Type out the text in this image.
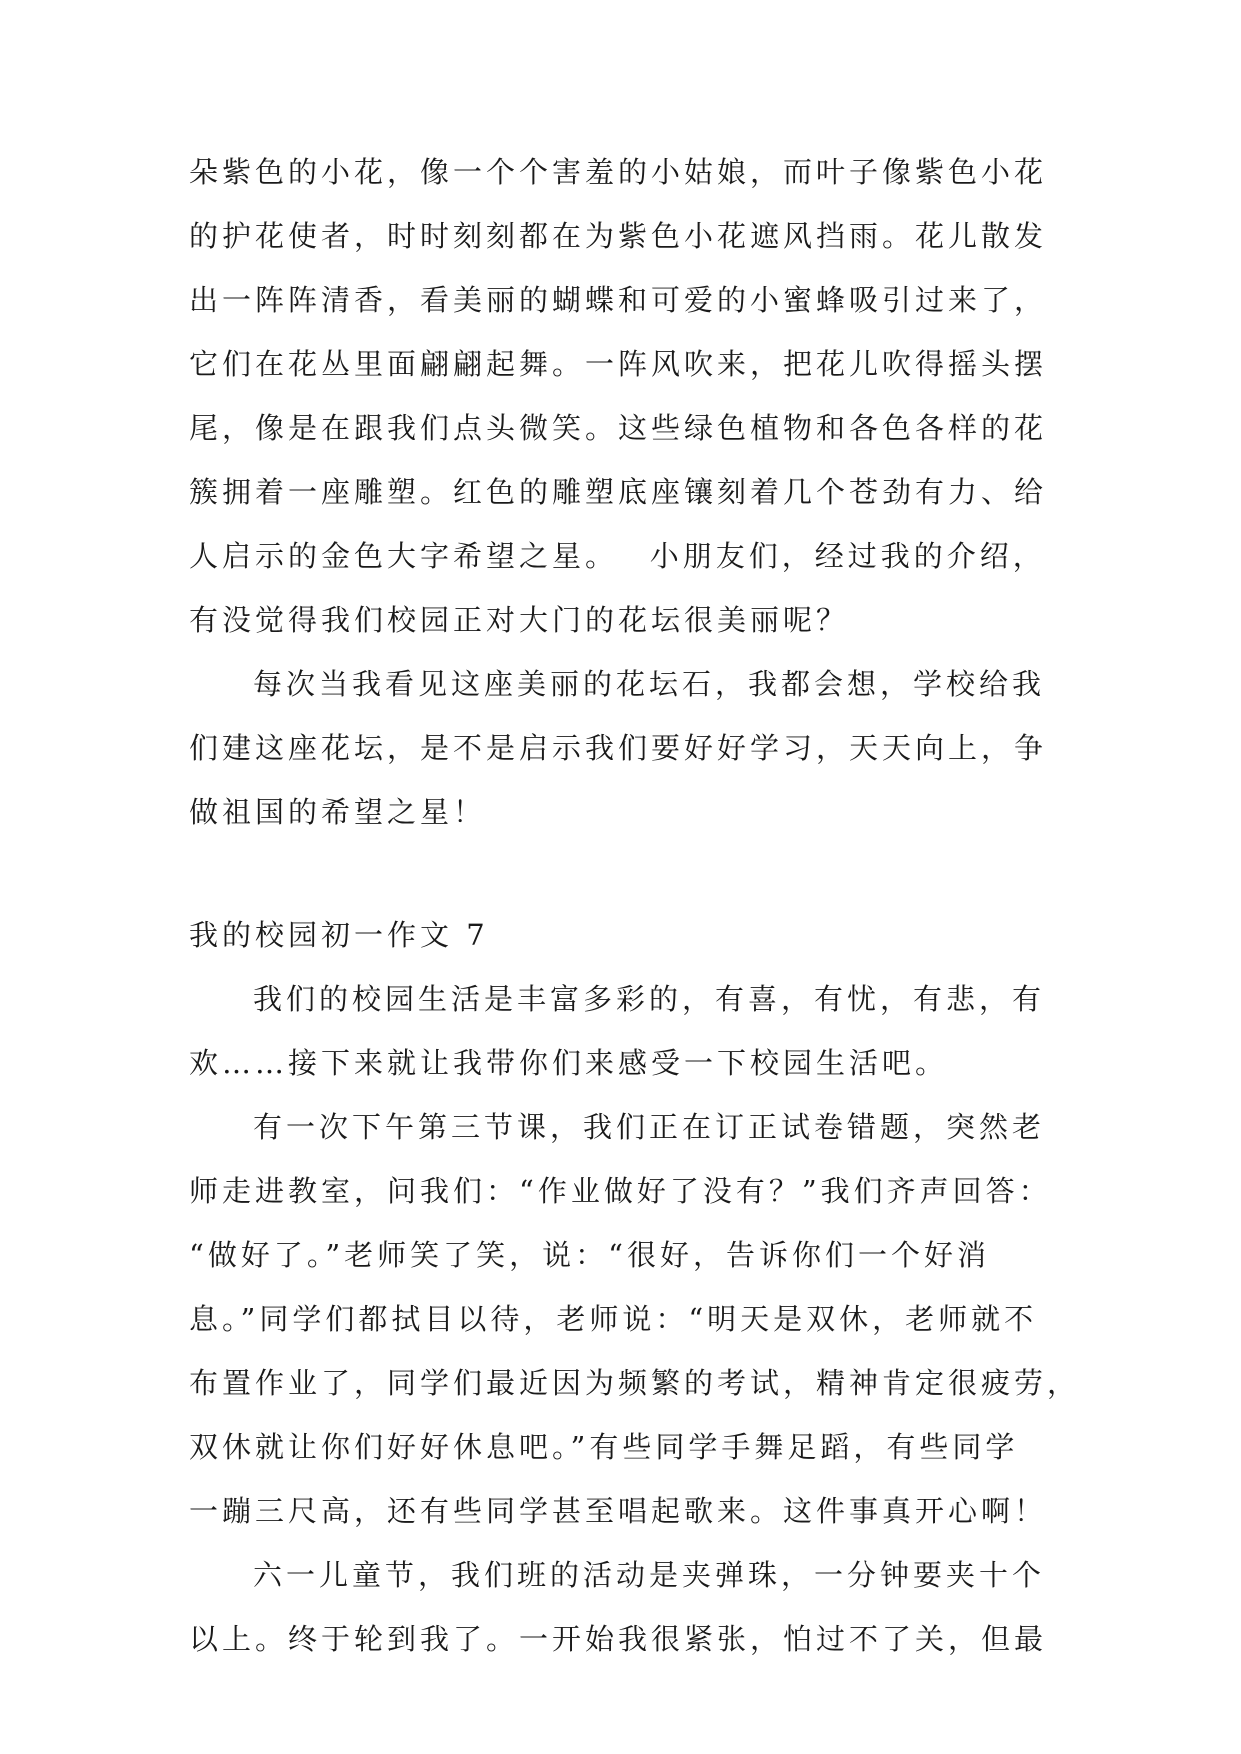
朵紫色的小花，像一个个害羞的小姑娘，而叶子像紫色小花
的护花使者，时时刻刻都在为紫色小花遮风挡雨。花儿散发
出一阵阵清香，看美丽的蝴蝶和可爱的小蜜蜂吸引过来了，
它们在花丛里面翩翩起舞。一阵风吹来，把花儿吹得摇头摆
尾，像是在跟我们点头微笑。这些绿色植物和各色各样的花
簇拥着一座雕塑。红色的雕塑底座镶刻着几个苍劲有力、给
人启示的金色大字希望之星。　 小朋友们，经过我的介绍，
有没觉得我们校园正对大门的花坛很美丽呢？
每次当我看见这座美丽的花坛石，我都会想，学校给我
们建这座花坛，是不是启示我们要好好学习，天天向上，争
做祖国的希望之星！
我的校园初一作文 7
我们的校园生活是丰富多彩的，有喜，有忧，有悲，有
欢……接下来就让我带你们来感受一下校园生活吧。
有一次下午第三节课，我们正在订正试卷错题，突然老
师走进教室，问我们：“作业做好了没有？”我们齐声回答：
“做好了。”老师笑了笑，说：“很好，告诉你们一个好消
息。”同学们都拭目以待，老师说：“明天是双休，老师就不
布置作业了，同学们最近因为频繁的考试，精神肯定很疲劳，
双休就让你们好好休息吧。”有些同学手舞足蹈，有些同学
一蹦三尺高，还有些同学甚至唱起歌来。这件事真开心啊！
六一儿童节，我们班的活动是夹弹珠，一分钟要夹十个
以上。终于轮到我了。一开始我很紧张，怕过不了关，但最
